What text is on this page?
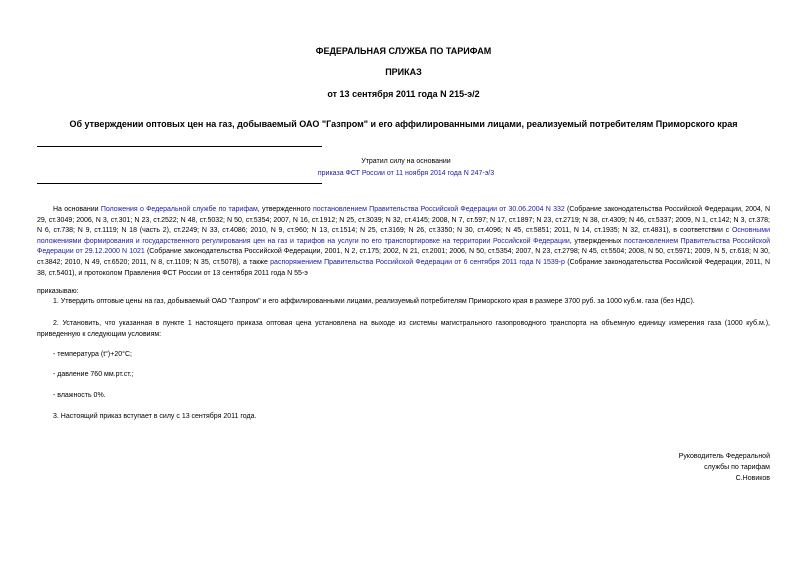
ФЕДЕРАЛЬНАЯ СЛУЖБА ПО ТАРИФАМ
ПРИКАЗ
от 13 сентября 2011 года N 215-э/2
Об утверждении оптовых цен на газ, добываемый ОАО "Газпром" и его аффилированными лицами, реализуемый потребителям Приморского края
Утратил силу на основании
приказа ФСТ России от 11 ноября 2014 года N 247-э/3
На основании Положения о Федеральной службе по тарифам, утвержденного постановлением Правительства Российской Федерации от 30.06.2004 N 332 (Собрание законодательства Российской Федерации, 2004, N 29, ст.3049; 2006, N 3, ст.301; N 23, ст.2522; N 48, ст.5032; N 50, ст.5354; 2007, N 16, ст.1912; N 25, ст.3039; N 32, ст.4145; 2008, N 7, ст.597; N 17, ст.1897; N 23, ст.2719; N 38, ст.4309; N 46, ст.5337; 2009, N 1, ст.142; N 3, ст.378; N 6, ст.738; N 9, ст.1119; N 18 (часть 2), ст.2249; N 33, ст.4086; 2010, N 9, ст.960; N 13, ст.1514; N 25, ст.3169; N 26, ст.3350; N 30, ст.4096; N 45, ст.5851; 2011, N 14, ст.1935; N 32, ст.4831), в соответствии с Основными положениями формирования и государственного регулирования цен на газ и тарифов на услуги по его транспортировке на территории Российской Федерации, утвержденных постановлением Правительства Российской Федерации от 29.12.2000 N 1021 (Собрание законодательства Российской Федерации, 2001, N 2, ст.175; 2002, N 21, ст.2001; 2006, N 50, ст.5354; 2007, N 23, ст.2798; N 45, ст.5504; 2008, N 50, ст.5971; 2009, N 5, ст.618; N 30, ст.3842; 2010, N 49, ст.6520; 2011, N 8, ст.1109; N 35, ст.5078), а также распоряжением Правительства Российской Федерации от 6 сентября 2011 года N 1539-р (Собрание законодательства Российской Федерации, 2011, N 38, ст.5401), и протоколом Правления ФСТ России от 13 сентября 2011 года N 55-э
приказываю:
1. Утвердить оптовые цены на газ, добываемый ОАО "Газпром" и его аффилированными лицами, реализуемый потребителям Приморского края в размере 3700 руб. за 1000 куб.м. газа (без НДС).
2. Установить, что указанная в пункте 1 настоящего приказа оптовая цена установлена на выходе из системы магистрального газопроводного транспорта на объемную единицу измерения газа (1000 куб.м.), приведенную к следующим условиям:
- температура (t°)+20°С;
- давление 760 мм.рт.ст.;
- влажность 0%.
3. Настоящий приказ вступает в силу с 13 сентября 2011 года.
Руководитель Федеральной
службы по тарифам
С.Новиков
